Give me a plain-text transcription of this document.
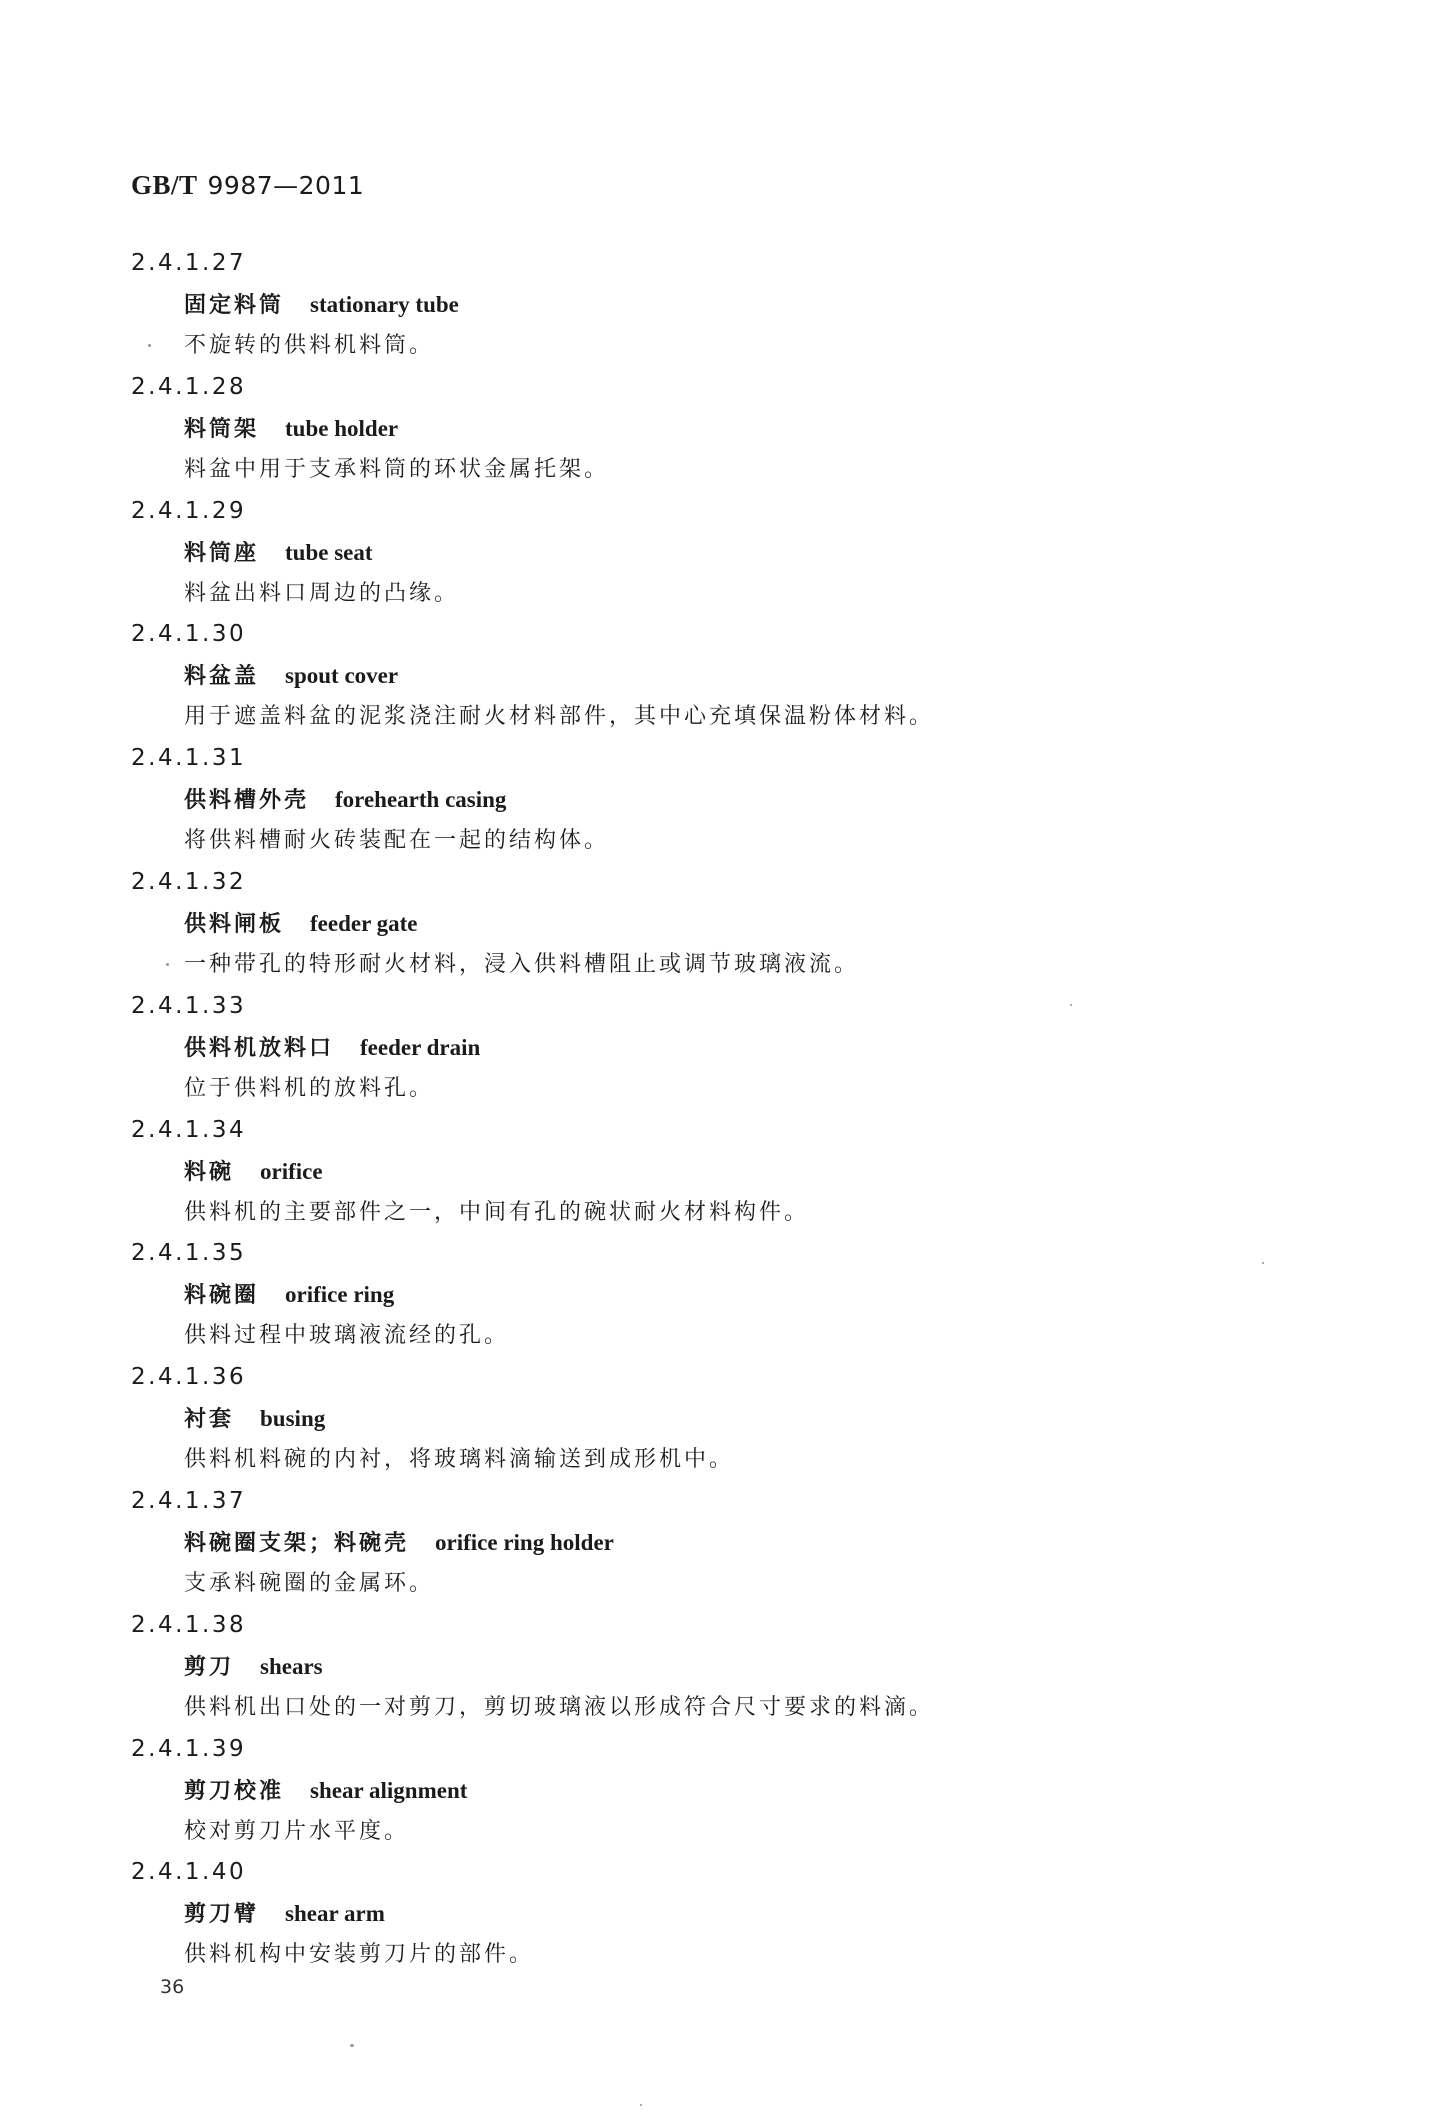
GB/T 9987—2011
2.4.1.27
固定料筒 stationary tube
不旋转的供料机料筒。
2.4.1.28
料筒架 tube holder
料盆中用于支承料筒的环状金属托架。
2.4.1.29
料筒座 tube seat
料盆出料口周边的凸缘。
2.4.1.30
料盆盖 spout cover
用于遮盖料盆的泥浆浇注耐火材料部件，其中心充填保温粉体材料。
2.4.1.31
供料槽外壳 forehearth casing
将供料槽耐火砖装配在一起的结构体。
2.4.1.32
供料闸板 feeder gate
一种带孔的特形耐火材料，浸入供料槽阻止或调节玻璃液流。
2.4.1.33
供料机放料口 feeder drain
位于供料机的放料孔。
2.4.1.34
料碗 orifice
供料机的主要部件之一，中间有孔的碗状耐火材料构件。
2.4.1.35
料碗圈 orifice ring
供料过程中玻璃液流经的孔。
2.4.1.36
衬套 busing
供料机料碗的内衬，将玻璃料滴输送到成形机中。
2.4.1.37
料碗圈支架；料碗壳 orifice ring holder
支承料碗圈的金属环。
2.4.1.38
剪刀 shears
供料机出口处的一对剪刀，剪切玻璃液以形成符合尺寸要求的料滴。
2.4.1.39
剪刀校准 shear alignment
校对剪刀片水平度。
2.4.1.40
剪刀臂 shear arm
供料机构中安装剪刀片的部件。
36
